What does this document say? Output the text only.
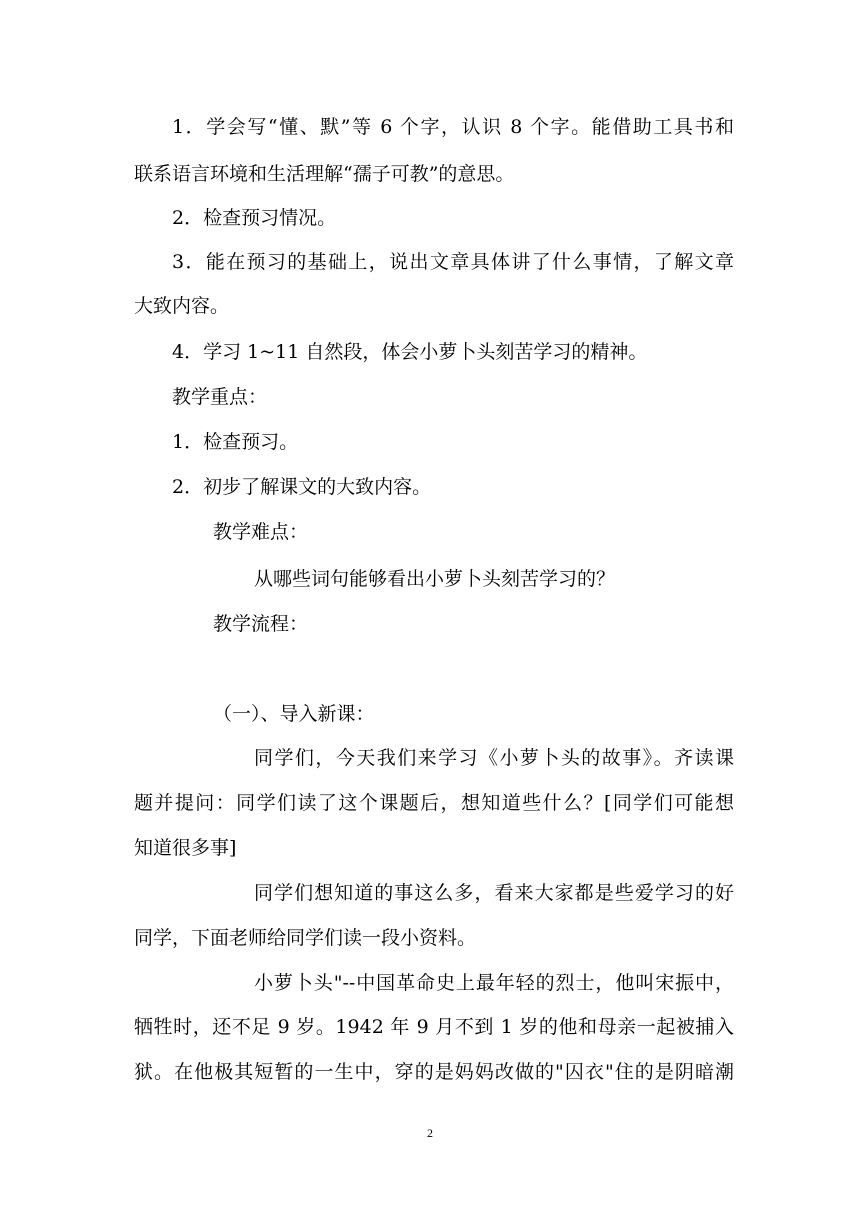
1．学会写“懂、默”等 6 个字，认识 8 个字。能借助工具书和
联系语言环境和生活理解“孺子可教”的意思。
2．检查预习情况。
3．能在预习的基础上，说出文章具体讲了什么事情，了解文章
大致内容。
4．学习 1~11 自然段，体会小萝卜头刻苦学习的精神。
教学重点：
1．检查预习。
2．初步了解课文的大致内容。
教学难点：
从哪些词句能够看出小萝卜头刻苦学习的？
教学流程：
（一）、导入新课：
同学们，今天我们来学习《小萝卜头的故事》。齐读课
题并提问：同学们读了这个课题后，想知道些什么？[同学们可能想
知道很多事]
同学们想知道的事这么多，看来大家都是些爱学习的好
同学，下面老师给同学们读一段小资料。
小萝卜头"--中国革命史上最年轻的烈士，他叫宋振中，
牺牲时，还不足 9 岁。1942 年 9 月不到 1 岁的他和母亲一起被捕入
狱。在他极其短暂的一生中，穿的是妈妈改做的"囚衣"住的是阴暗潮
2
